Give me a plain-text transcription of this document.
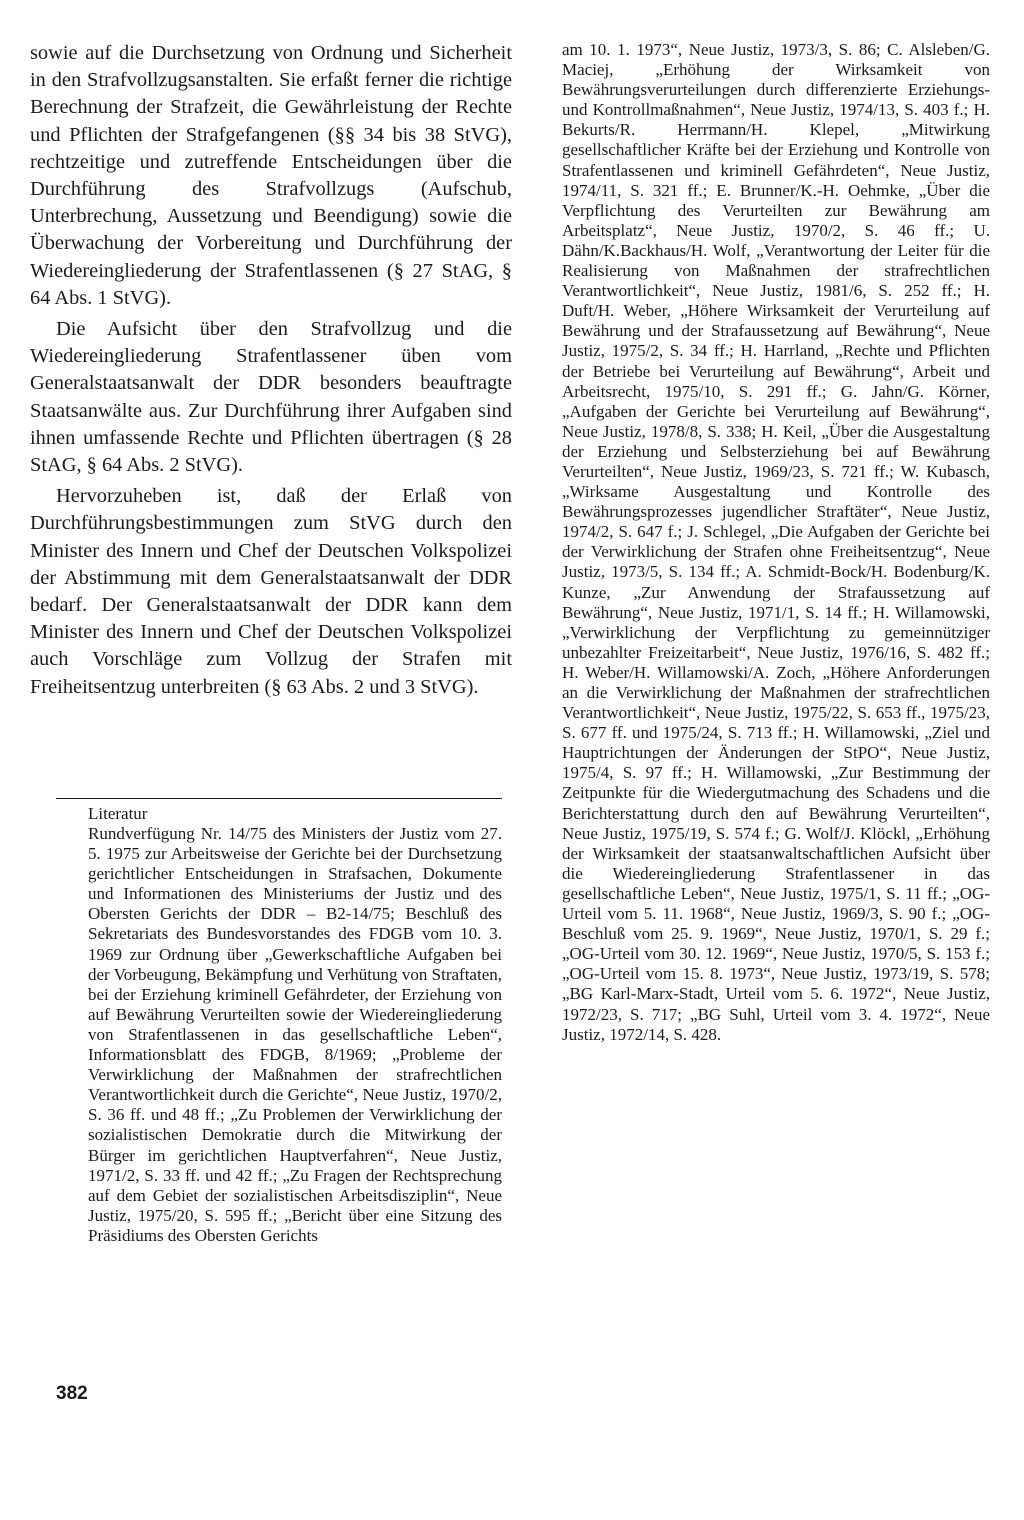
sowie auf die Durchsetzung von Ordnung und Sicherheit in den Strafvollzugsanstalten. Sie erfaßt ferner die richtige Berechnung der Strafzeit, die Gewährleistung der Rechte und Pflichten der Strafgefangenen (§§ 34 bis 38 StVG), rechtzeitige und zutreffende Entscheidungen über die Durchführung des Strafvollzugs (Aufschub, Unterbrechung, Aussetzung und Beendigung) sowie die Überwachung der Vorbereitung und Durchführung der Wiedereingliederung der Strafentlassenen (§ 27 StAG, § 64 Abs. 1 StVG).

Die Aufsicht über den Strafvollzug und die Wiedereingliederung Strafentlassener üben vom Generalstaatsanwalt der DDR besonders beauftragte Staatsanwälte aus. Zur Durchführung ihrer Aufgaben sind ihnen umfassende Rechte und Pflichten übertragen (§ 28 StAG, § 64 Abs. 2 StVG).

Hervorzuheben ist, daß der Erlaß von Durchführungsbestimmungen zum StVG durch den Minister des Innern und Chef der Deutschen Volkspolizei der Abstimmung mit dem Generalstaatsanwalt der DDR bedarf. Der Generalstaatsanwalt der DDR kann dem Minister des Innern und Chef der Deutschen Volkspolizei auch Vorschläge zum Vollzug der Strafen mit Freiheitsentzug unterbreiten (§ 63 Abs. 2 und 3 StVG).

Literatur

Rundverfügung Nr. 14/75 des Ministers der Justiz vom 27. 5. 1975 zur Arbeitsweise der Gerichte bei der Durchsetzung gerichtlicher Entscheidungen in Strafsachen, Dokumente und Informationen des Ministeriums der Justiz und des Obersten Gerichts der DDR – B2-14/75; Beschluß des Sekretariats des Bundesvorstandes des FDGB vom 10. 3. 1969 zur Ordnung über „Gewerkschaftliche Aufgaben bei der Vorbeugung, Bekämpfung und Verhütung von Straftaten, bei der Erziehung kriminell Gefährdeter, der Erziehung von auf Bewährung Verurteilten sowie der Wiedereingliederung von Strafentlassenen in das gesellschaftliche Leben“, Informationsblatt des FDGB, 8/1969; „Probleme der Verwirklichung der Maßnahmen der strafrechtlichen Verantwortlichkeit durch die Gerichte“, Neue Justiz, 1970/2, S. 36 ff. und 48 ff.; „Zu Problemen der Verwirklichung der sozialistischen Demokratie durch die Mitwirkung der Bürger im gerichtlichen Hauptverfahren“, Neue Justiz, 1971/2, S. 33 ff. und 42 ff.; „Zu Fragen der Rechtsprechung auf dem Gebiet der sozialistischen Arbeitsdisziplin“, Neue Justiz, 1975/20, S. 595 ff.; „Bericht über eine Sitzung des Präsidiums des Obersten Gerichts

am 10. 1. 1973“, Neue Justiz, 1973/3, S. 86; C. Alsleben/G. Maciej, „Erhöhung der Wirksamkeit von Bewährungsverurteilungen durch differenzierte Erziehungs- und Kontrollmaßnahmen“, Neue Justiz, 1974/13, S. 403 f.; H. Bekurts/R. Herrmann/H. Klepel, „Mitwirkung gesellschaftlicher Kräfte bei der Erziehung und Kontrolle von Strafentlassenen und kriminell Gefährdeten“, Neue Justiz, 1974/11, S. 321 ff.; E. Brunner/K.-H. Oehmke, „Über die Verpflichtung des Verurteilten zur Bewährung am Arbeitsplatz“, Neue Justiz, 1970/2, S. 46 ff.; U. Dähn/K.Backhaus/H. Wolf, „Verantwortung der Leiter für die Realisierung von Maßnahmen der strafrechtlichen Verantwortlichkeit“, Neue Justiz, 1981/6, S. 252 ff.; H. Duft/H. Weber, „Höhere Wirksamkeit der Verurteilung auf Bewährung und der Strafaussetzung auf Bewährung“, Neue Justiz, 1975/2, S. 34 ff.; H. Harrland, „Rechte und Pflichten der Betriebe bei Verurteilung auf Bewährung“, Arbeit und Arbeitsrecht, 1975/10, S. 291 ff.; G. Jahn/G. Körner, „Aufgaben der Gerichte bei Verurteilung auf Bewährung“, Neue Justiz, 1978/8, S. 338; H. Keil, „Über die Ausgestaltung der Erziehung und Selbsterziehung bei auf Bewährung Verurteilten“, Neue Justiz, 1969/23, S. 721 ff.; W. Kubasch, „Wirksame Ausgestaltung und Kontrolle des Bewährungsprozesses jugendlicher Straftäter“, Neue Justiz, 1974/2, S. 647 f.; J. Schlegel, „Die Aufgaben der Gerichte bei der Verwirklichung der Strafen ohne Freiheitsentzug“, Neue Justiz, 1973/5, S. 134 ff.; A. Schmidt-Bock/H. Bodenburg/K. Kunze, „Zur Anwendung der Strafaussetzung auf Bewährung“, Neue Justiz, 1971/1, S. 14 ff.; H. Willamowski, „Verwirklichung der Verpflichtung zu gemeinnütziger unbezahlter Freizeitarbeit“, Neue Justiz, 1976/16, S. 482 ff.; H. Weber/H. Willamowski/A. Zoch, „Höhere Anforderungen an die Verwirklichung der Maßnahmen der strafrechtlichen Verantwortlichkeit“, Neue Justiz, 1975/22, S. 653 ff., 1975/23, S. 677 ff. und 1975/24, S. 713 ff.; H. Willamowski, „Ziel und Hauptrichtungen der Änderungen der StPO“, Neue Justiz, 1975/4, S. 97 ff.; H. Willamowski, „Zur Bestimmung der Zeitpunkte für die Wiedergutmachung des Schadens und die Berichterstattung durch den auf Bewährung Verurteilten“, Neue Justiz, 1975/19, S. 574 f.; G. Wolf/J. Klöckl, „Erhöhung der Wirksamkeit der staatsanwaltschaftlichen Aufsicht über die Wiedereingliederung Strafentlassener in das gesellschaftliche Leben“, Neue Justiz, 1975/1, S. 11 ff.; „OG-Urteil vom 5. 11. 1968“, Neue Justiz, 1969/3, S. 90 f.; „OG-Beschluß vom 25. 9. 1969“, Neue Justiz, 1970/1, S. 29 f.; „OG-Urteil vom 30. 12. 1969“, Neue Justiz, 1970/5, S. 153 f.; „OG-Urteil vom 15. 8. 1973“, Neue Justiz, 1973/19, S. 578; „BG Karl-Marx-Stadt, Urteil vom 5. 6. 1972“, Neue Justiz, 1972/23, S. 717; „BG Suhl, Urteil vom 3. 4. 1972“, Neue Justiz, 1972/14, S. 428.

382
